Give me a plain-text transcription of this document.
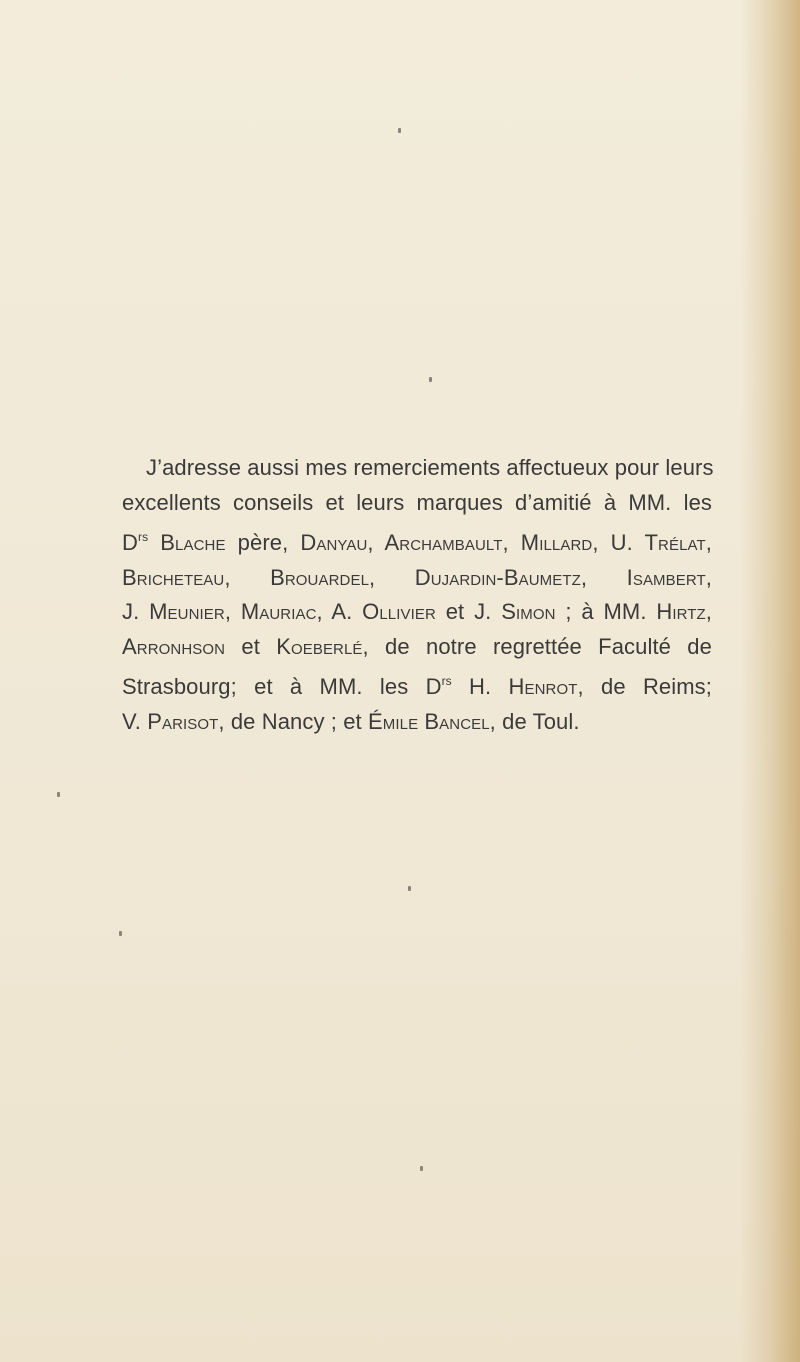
J’adresse aussi mes remerciements affectueux pour leurs
excellents conseils et leurs marques d’amitié à MM. les
$D^{rs}$ Blache père, Danyau, Archambault, Millard, U. Trélat,
Bricheteau, Brouardel, Dujardin-Baumetz, Isambert,
J. Meunier, Mauriac, A. Ollivier et J. Simon ; à MM. Hirtz,
Arronhson et Koeberlé, de notre regrettée Faculté de
Strasbourg; et à MM. les $D^{rs}$ H. Henrot, de Reims;
V. Parisot, de Nancy ; et Émile Bancel, de Toul.
